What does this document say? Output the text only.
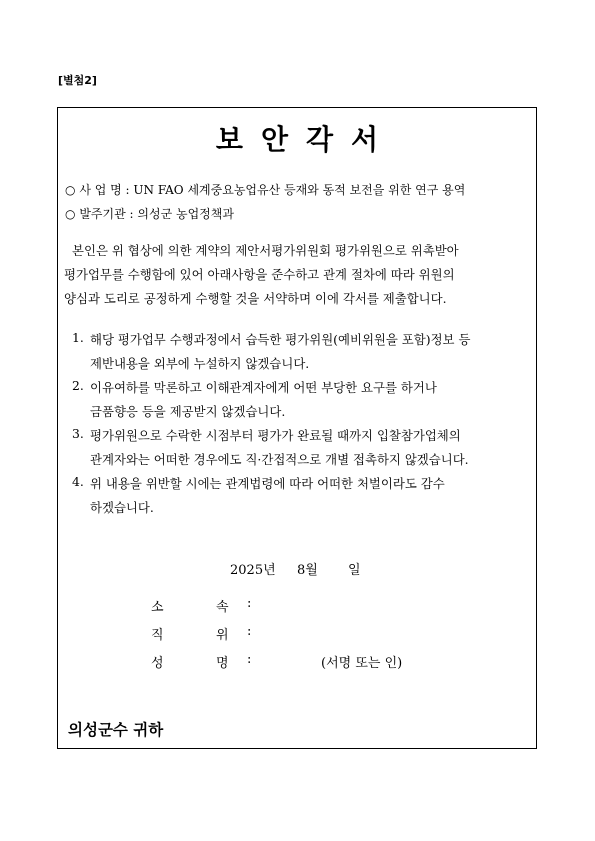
[별첨2]
보안각서
○ 사 업 명 : UN FAO 세계중요농업유산 등재와 동적 보전을 위한 연구 용역
○ 발주기관 : 의성군 농업정책과
본인은 위 협상에 의한 계약의 제안서평가위원회 평가위원으로 위촉받아
평가업무를 수행함에 있어 아래사항을 준수하고 관계 절차에 따라 위원의
양심과 도리로 공정하게 수행할 것을 서약하며 이에 각서를 제출합니다.
1. 해당 평가업무 수행과정에서 습득한 평가위원(예비위원을 포함)정보 등
제반내용을 외부에 누설하지 않겠습니다.
2. 이유여하를 막론하고 이해관계자에게 어떤 부당한 요구를 하거나
금품향응 등을 제공받지 않겠습니다.
3. 평가위원으로 수락한 시점부터 평가가 완료될 때까지 입찰참가업체의
관계자와는 어떠한 경우에도 직·간접적으로 개별 접촉하지 않겠습니다.
4. 위 내용을 위반할 시에는 관계법령에 따라 어떠한 처벌이라도 감수
하겠습니다.
2025년 8월 일
소	속 :
직	위 :
성	명 :	(서명 또는 인)
의성군수 귀하
